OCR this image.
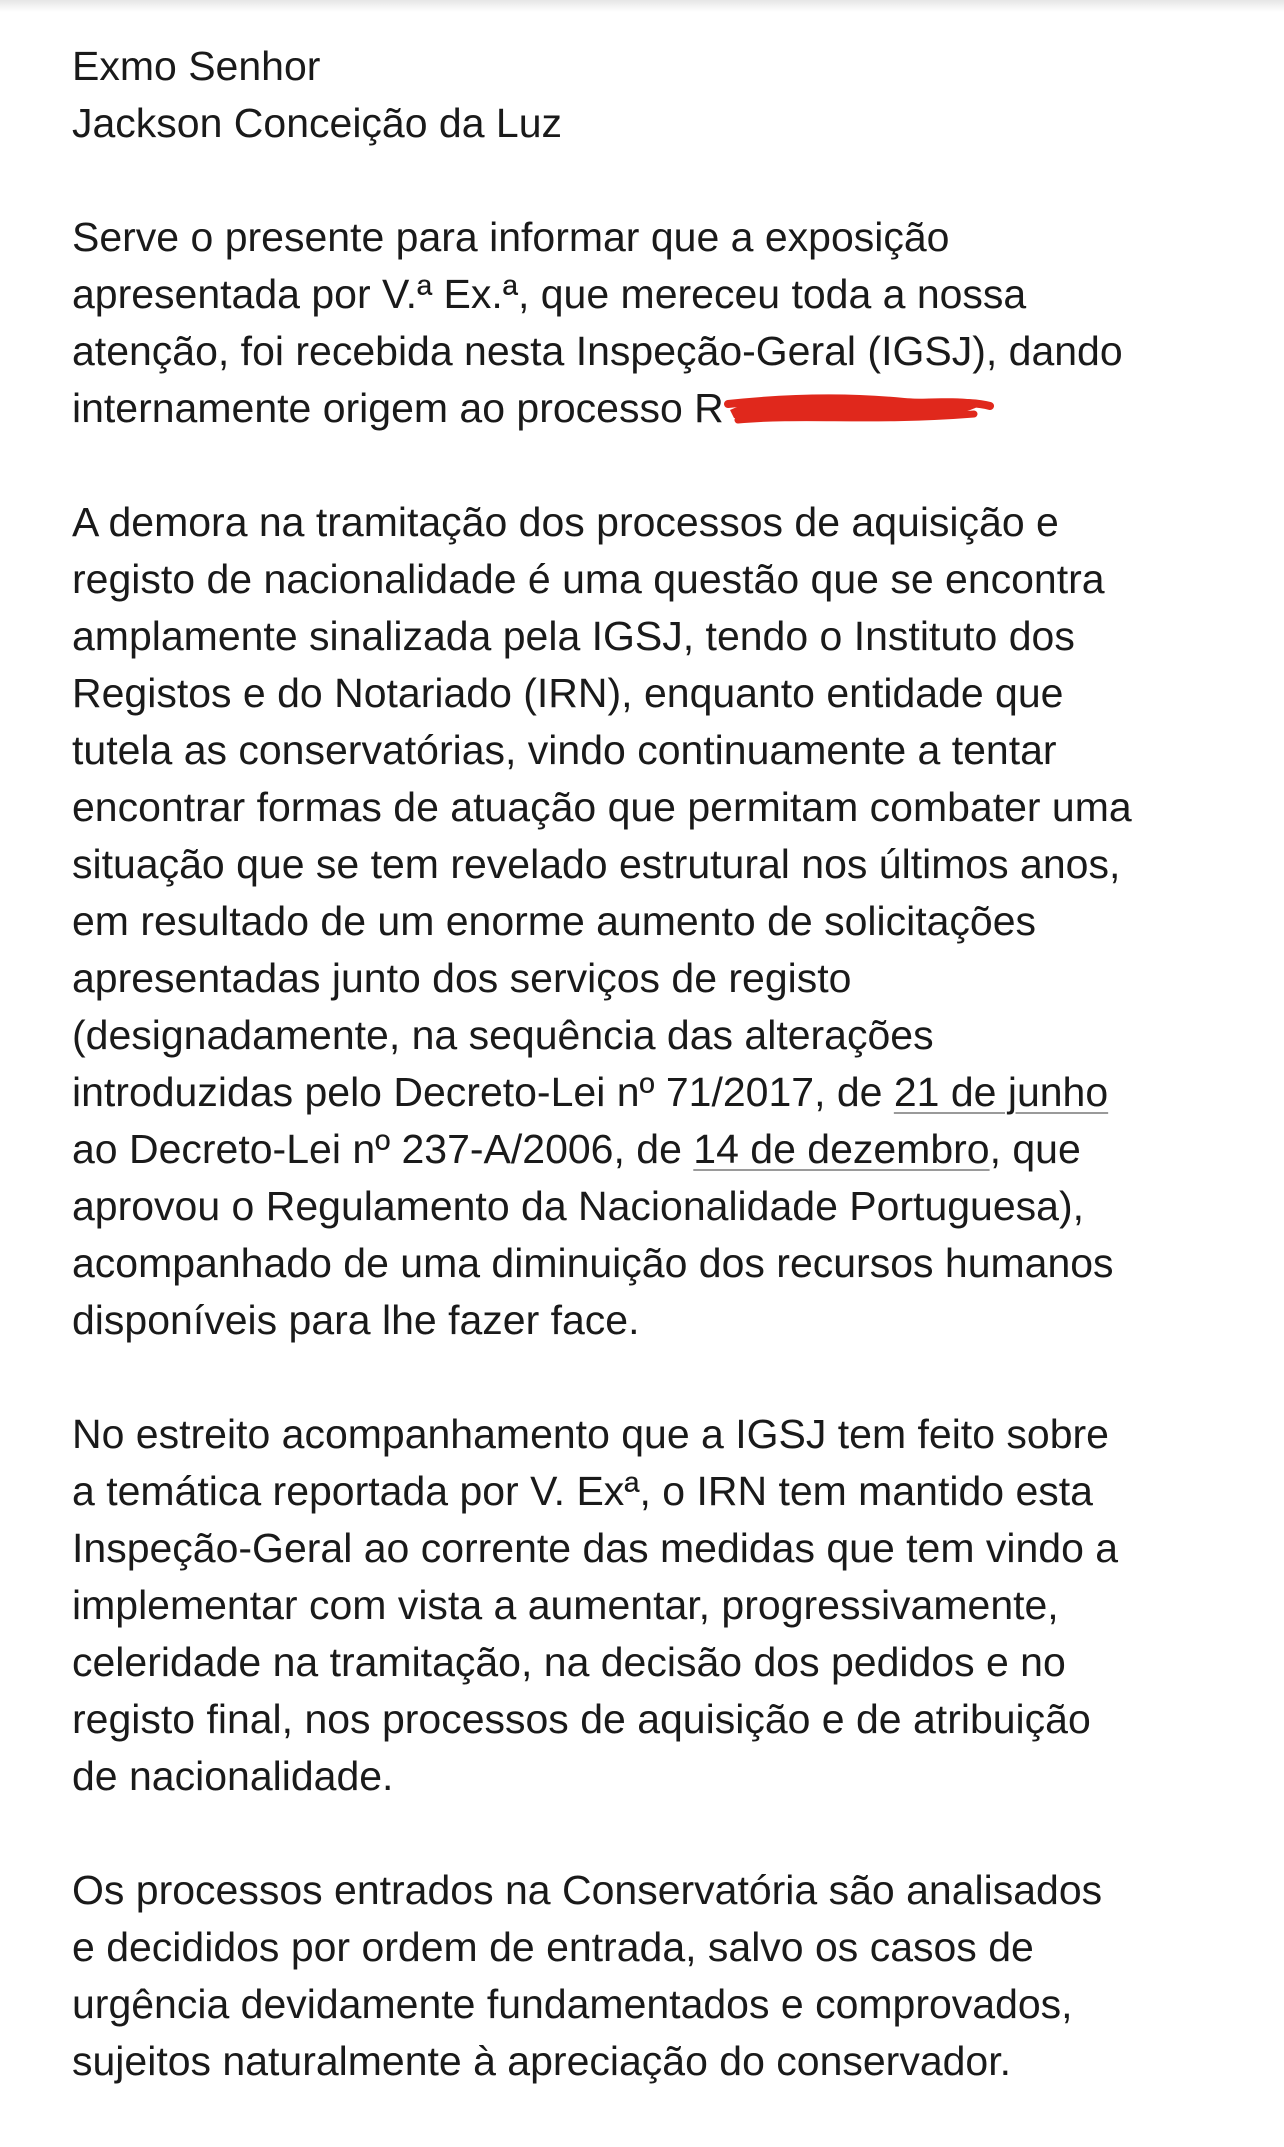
Exmo Senhor
Jackson Conceição da Luz
Serve o presente para informar que a exposição
apresentada por V.ª Ex.ª, que mereceu toda a nossa
atenção, foi recebida nesta Inspeção-Geral (IGSJ), dando
internamente origem ao processo R
A demora na tramitação dos processos de aquisição e
registo de nacionalidade é uma questão que se encontra
amplamente sinalizada pela IGSJ, tendo o Instituto dos
Registos e do Notariado (IRN), enquanto entidade que
tutela as conservatórias, vindo continuamente a tentar
encontrar formas de atuação que permitam combater uma
situação que se tem revelado estrutural nos últimos anos,
em resultado de um enorme aumento de solicitações
apresentadas junto dos serviços de registo
(designadamente, na sequência das alterações
introduzidas pelo Decreto-Lei nº 71/2017, de 21 de junho
ao Decreto-Lei nº 237-A/2006, de 14 de dezembro, que
aprovou o Regulamento da Nacionalidade Portuguesa),
acompanhado de uma diminuição dos recursos humanos
disponíveis para lhe fazer face.
No estreito acompanhamento que a IGSJ tem feito sobre
a temática reportada por V. Exª, o IRN tem mantido esta
Inspeção-Geral ao corrente das medidas que tem vindo a
implementar com vista a aumentar, progressivamente,
celeridade na tramitação, na decisão dos pedidos e no
registo final, nos processos de aquisição e de atribuição
de nacionalidade.
Os processos entrados na Conservatória são analisados
e decididos por ordem de entrada, salvo os casos de
urgência devidamente fundamentados e comprovados,
sujeitos naturalmente à apreciação do conservador.
